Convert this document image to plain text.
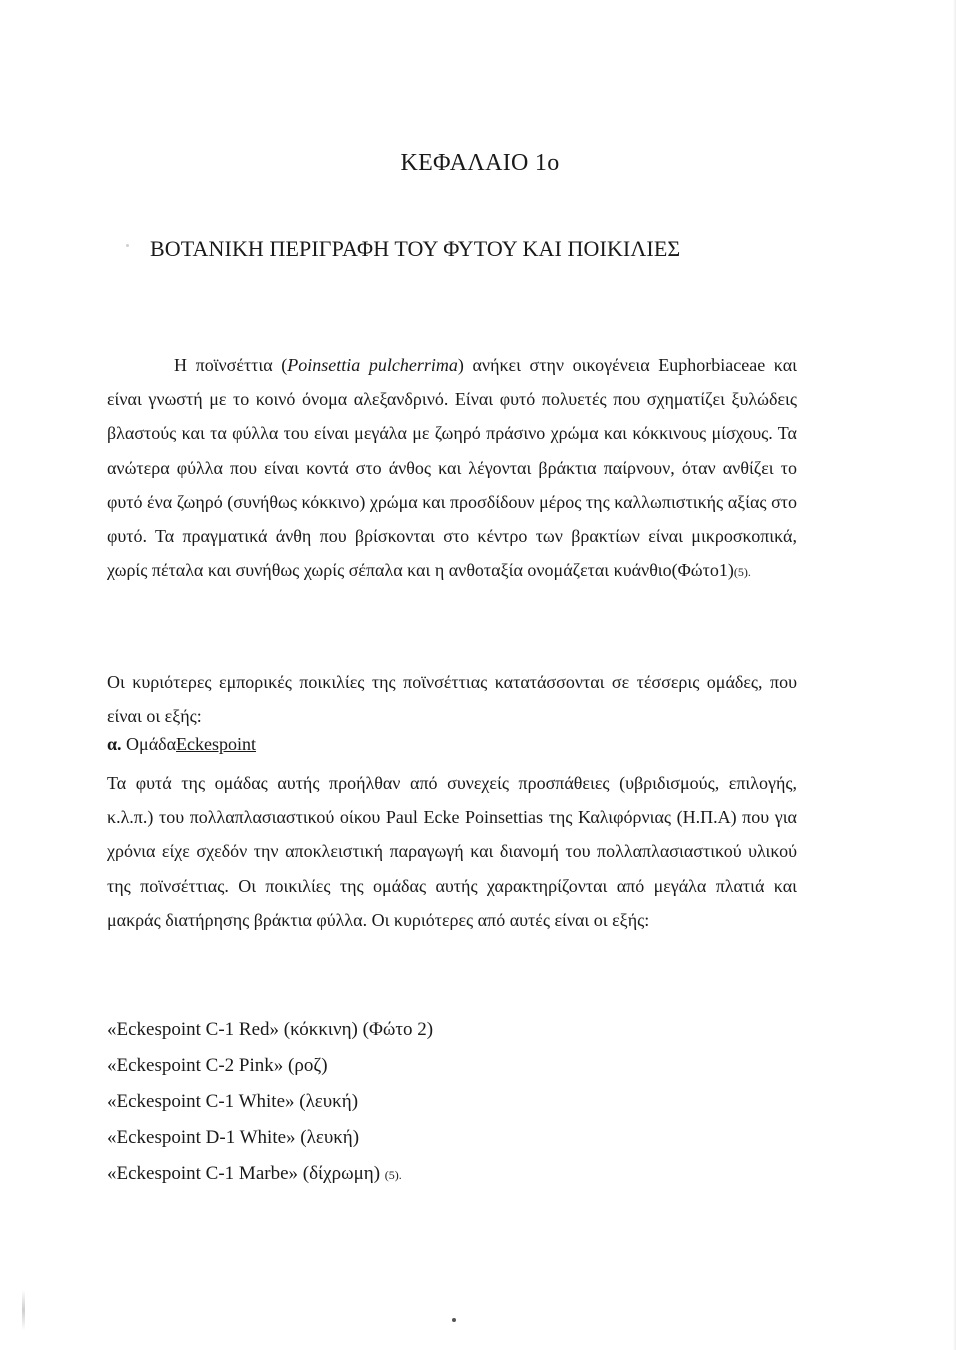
ΚΕΦΑΛΑΙΟ 1ο
ΒΟΤΑΝΙΚΗ ΠΕΡΙΓΡΑΦΗ ΤΟΥ ΦΥΤΟΥ ΚΑΙ ΠΟΙΚΙΛΙΕΣ

Η ποϊνσέττια (Poinsettia pulcherrima) ανήκει στην οικογένεια Euphorbiaceae και είναι γνωστή με το κοινό όνομα αλεξανδρινό. Είναι φυτό πολυετές που σχηματίζει ξυλώδεις βλαστούς και τα φύλλα του είναι μεγάλα με ζωηρό πράσινο χρώμα και κόκκινους μίσχους. Τα ανώτερα φύλλα που είναι κοντά στο άνθος και λέγονται βράκτια παίρνουν, όταν ανθίζει το φυτό ένα ζωηρό (συνήθως κόκκινο) χρώμα και προσδίδουν μέρος της καλλωπιστικής αξίας στο φυτό. Τα πραγματικά άνθη που βρίσκονται στο κέντρο των βρακτίων είναι μικροσκοπικά, χωρίς πέταλα και συνήθως χωρίς σέπαλα και η ανθοταξία ονομάζεται κυάνθιο(Φώτο1)(5).

Οι κυριότερες εμπορικές ποικιλίες της ποϊνσέττιας κατατάσσονται σε τέσσερις ομάδες, που είναι οι εξής:

α. ΟμάδαEckespoint

Τα φυτά της ομάδας αυτής προήλθαν από συνεχείς προσπάθειες (υβριδισμούς, επιλογής, κ.λ.π.) του πολλαπλασιαστικού οίκου Paul Ecke Poinsettias της Καλιφόρνιας (Η.Π.Α) που για χρόνια είχε σχεδόν την αποκλειστική παραγωγή και διανομή του πολλαπλασιαστικού υλικού της ποϊνσέττιας. Οι ποικιλίες της ομάδας αυτής χαρακτηρίζονται από μεγάλα πλατιά και μακράς διατήρησης βράκτια φύλλα. Οι κυριότερες από αυτές είναι οι εξής:

«Eckespoint C-1 Red» (κόκκινη) (Φώτο 2)
«Eckespoint C-2 Pink» (ροζ)
«Eckespoint C-1 White» (λευκή)
«Eckespoint D-1 White» (λευκή)
«Eckespoint C-1 Marbe» (δίχρωμη) (5).
